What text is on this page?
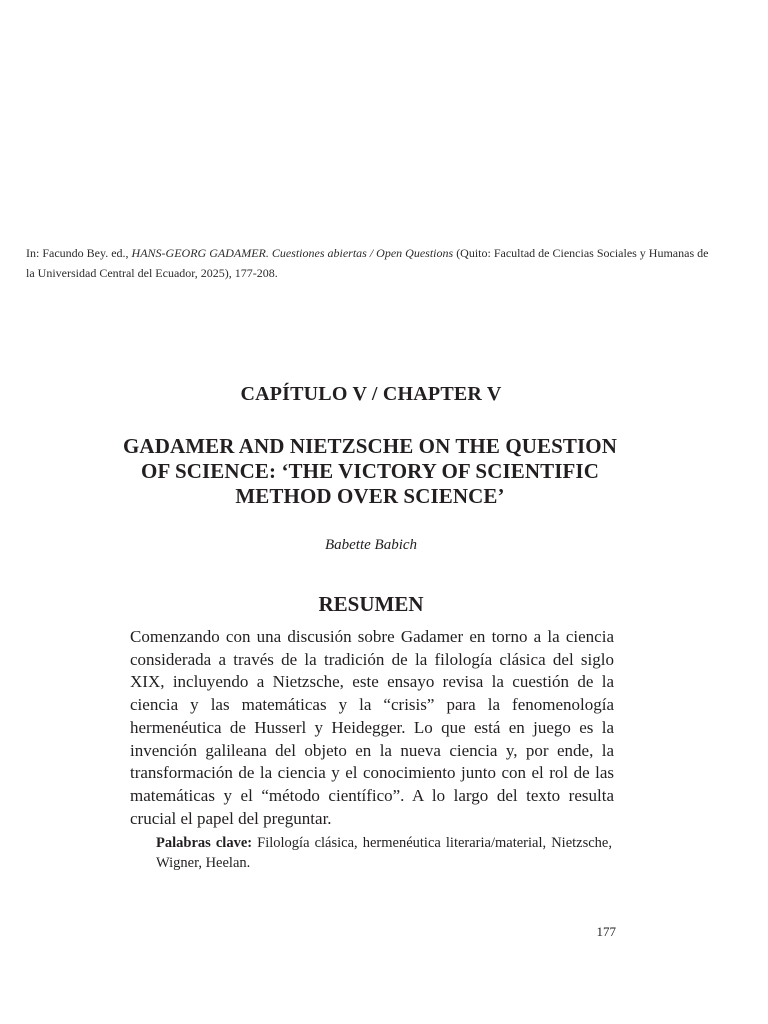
In: Facundo Bey. ed., HANS-GEORG GADAMER. Cuestiones abiertas / Open Questions (Quito: Facultad de Ciencias Sociales y Humanas de la Universidad Central del Ecuador, 2025), 177-208.
CAPÍTULO V / CHAPTER V
GADAMER AND NIETZSCHE ON THE QUESTION OF SCIENCE: ‘THE VICTORY OF SCIENTIFIC METHOD OVER SCIENCE’
Babette Babich
RESUMEN
Comenzando con una discusión sobre Gadamer en torno a la ciencia considerada a través de la tradición de la filología clásica del siglo XIX, incluyendo a Nietzsche, este ensayo revisa la cuestión de la ciencia y las matemáticas y la “crisis” para la fenomenología hermenéutica de Husserl y Heidegger. Lo que está en juego es la invención galileana del objeto en la nueva ciencia y, por ende, la transformación de la ciencia y el conocimiento junto con el rol de las matemáticas y el “método científico”. A lo largo del texto resulta crucial el papel del preguntar.
Palabras clave: Filología clásica, hermenéutica literaria/material, Nietzsche, Wigner, Heelan.
177
